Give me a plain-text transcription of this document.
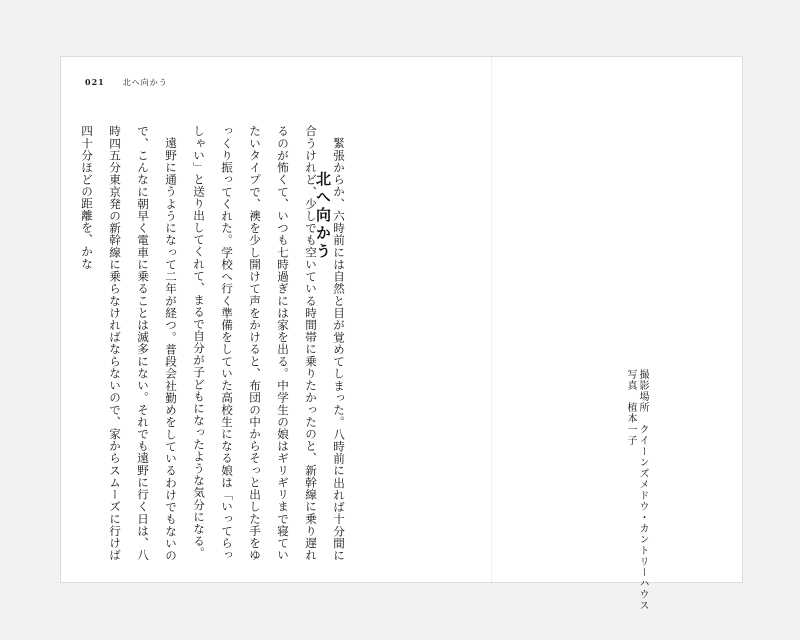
021 北へ向かう

緊張からか、六時前には自然と目が覚めてしまった。八時前に出れば十分間に合うけれど、少しでも空いている時間帯に乗りたかったのと、新幹線に乗り遅れるのが怖くて、いつも七時過ぎには家を出る。中学生の娘はギリギリまで寝ていたいタイプで、襖を少し開けて声をかけると、布団の中からそっと出した手をゆっくり振ってくれた。学校へ行く準備をしていた高校生になる娘は「いってらっしゃい」と送り出してくれて、まるで自分が子どもになったような気分になる。

遠野に通うようになって二年が経つ。普段会社勤めをしているわけでもないので、こんなに朝早く電車に乗ることは滅多にない。それでも遠野に行く日は、八時四五分東京発の新幹線に乗らなければならないので、家からスムーズに行けば四十分ほどの距離を、かな	北へ向かう
撮影場所　クイーンズメドウ・カントリーハウス
写真　植本一子
